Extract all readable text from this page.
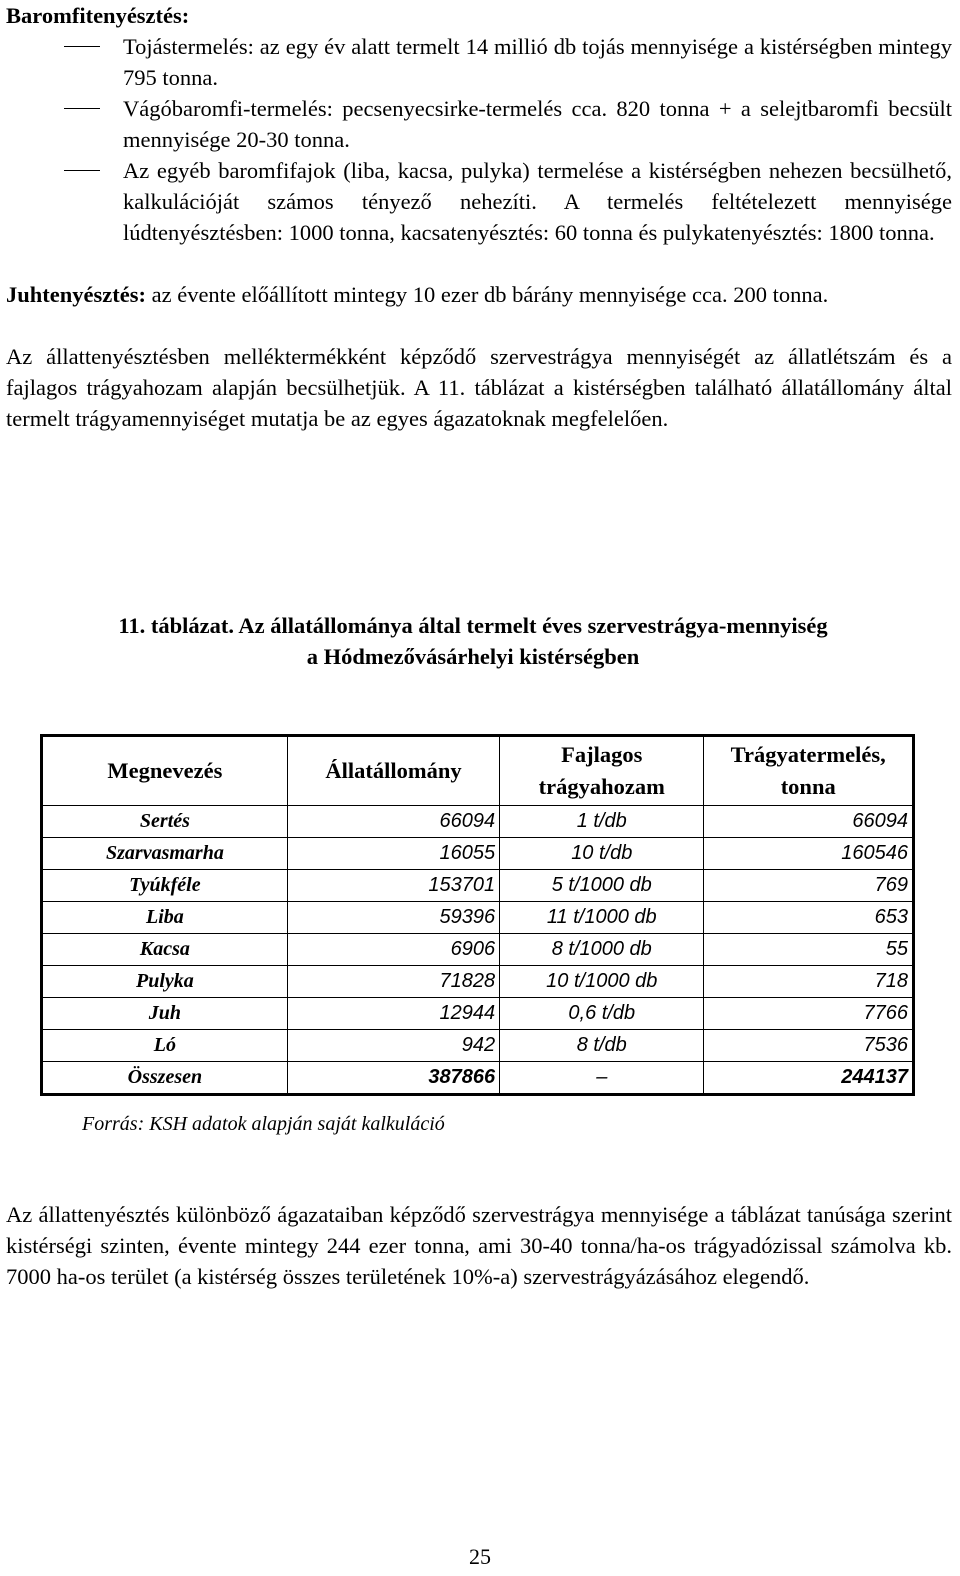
Baromfitenyésztés:
Tojástermelés: az egy év alatt termelt 14 millió db tojás mennyisége a kistérségben mintegy 795 tonna.
Vágóbaromfi-termelés: pecsenyecsirke-termelés cca. 820 tonna + a selejtbaromfi becsült mennyisége 20-30 tonna.
Az egyéb baromfifajok (liba, kacsa, pulyka) termelése a kistérségben nehezen becsülhető, kalkulációját számos tényező nehezíti. A termelés feltételezett mennyisége lúdtenyésztésben: 1000 tonna, kacsatenyésztés: 60 tonna és pulykatenyésztés: 1800 tonna.

Juhtenyésztés: az évente előállított mintegy 10 ezer db bárány mennyisége cca. 200 tonna.

Az állattenyésztésben melléktermékként képződő szervestrágya mennyiségét az állatlétszám és a fajlagos trágyahozam alapján becsülhetjük. A 11. táblázat a kistérségben található állatállomány által termelt trágyamennyiséget mutatja be az egyes ágazatoknak megfelelően.

11. táblázat. Az állatállománya által termelt éves szervestrágya-mennyiség
a Hódmezővásárhelyi kistérségben
Megnevezés	Állatállomány	Fajlagos trágyahozam	Trágyatermelés, tonna
Sertés	66094	1 t/db	66094
Szarvasmarha	16055	10 t/db	160546
Tyúkféle	153701	5 t/1000 db	769
Liba	59396	11 t/1000 db	653
Kacsa	6906	8 t/1000 db	55
Pulyka	71828	10 t/1000 db	718
Juh	12944	0,6 t/db	7766
Ló	942	8 t/db	7536
Összesen	387866	–	244137
Forrás: KSH adatok alapján saját kalkuláció

Az állattenyésztés különböző ágazataiban képződő szervestrágya mennyisége a táblázat tanúsága szerint kistérségi szinten, évente mintegy 244 ezer tonna, ami 30-40 tonna/ha-os trágyadózissal számolva kb. 7000 ha-os terület (a kistérség összes területének 10%-a) szervestrágyázásához elegendő.

25
